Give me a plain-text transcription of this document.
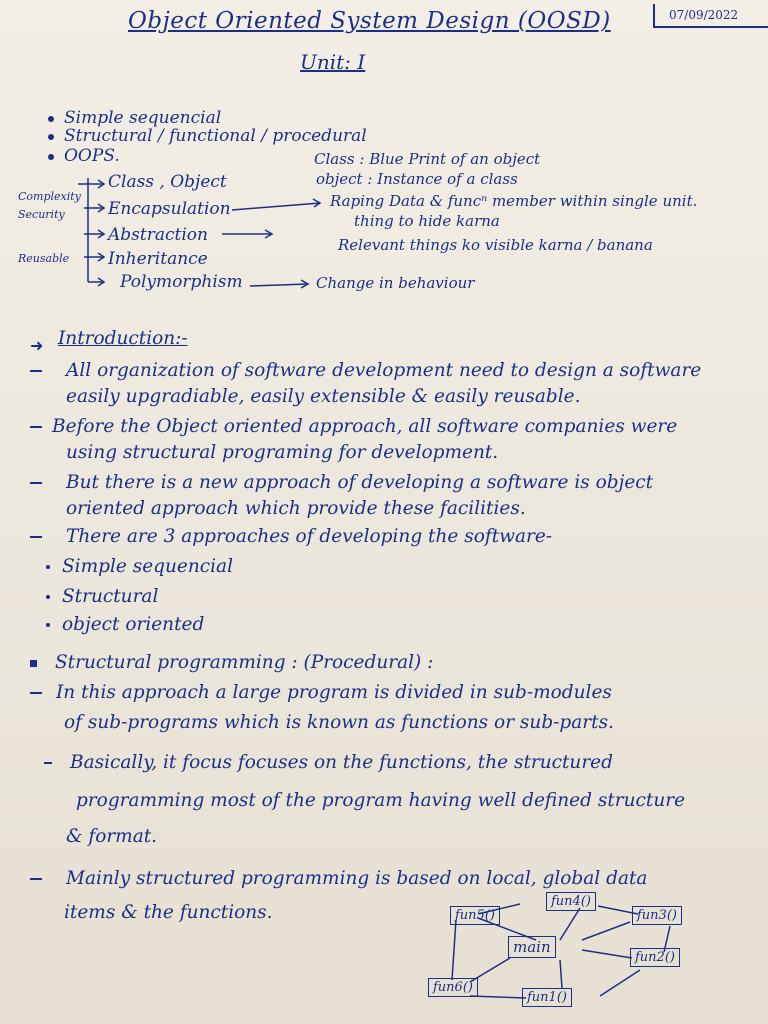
Object Oriented System Design (OOSD)	07/09/2022
Unit: I
Simple sequencial
Structural / functional / procedural
OOPS.
Complexity
Security
Reusable
Class , Object
Encapsulation
Abstraction
Inheritance
Polymorphism
Class : Blue Print of an object
object : Instance of a class
Raping Data & funcⁿ member within single unit.
thing to hide karna
Relevant things ko visible karna / banana
Change in behaviour
Introduction:-
➜
All organization of software development need to design a software
easily upgradiable, easily extensible & easily reusable.
Before the Object oriented approach, all software companies were
using structural programing for development.
But there is a new approach of developing a software is object
oriented approach which provide these facilities.
There are 3 approaches of developing the software-
Simple sequencial
Structural
object oriented
Structural programming : (Procedural) :
In this approach a large program is divided in sub-modules
of sub-programs which is known as functions or sub-parts.
Basically, it focus focuses on the functions, the structured
programming most of the program having well defined structure
& format.
Mainly structured programming is based on local, global data
items & the functions.
main
fun5()
fun4()
fun3()
fun2()
fun1()
fun6()
